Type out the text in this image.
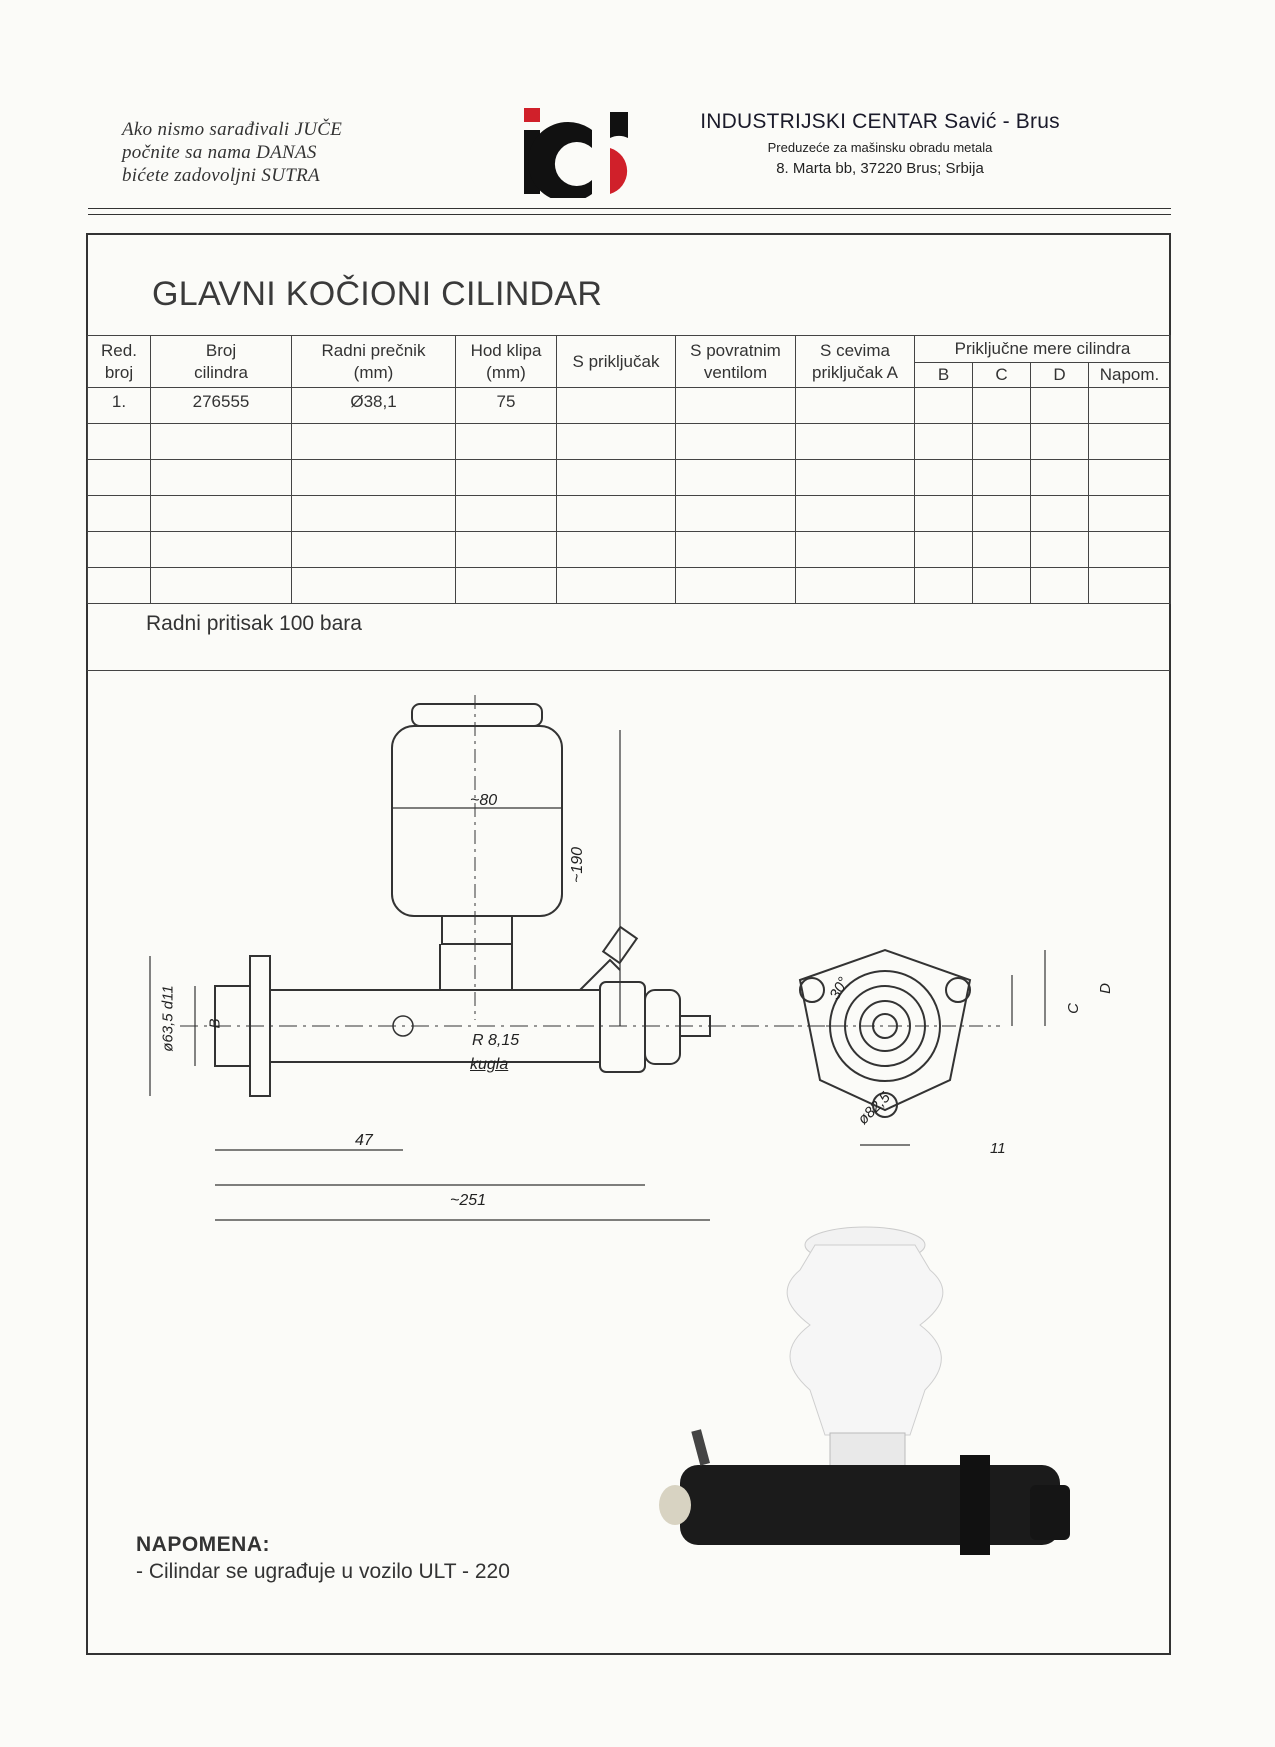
Ako nismo sarađivali JUČE
počnite sa nama DANAS
bićete zadovoljni SUTRA
INDUSTRIJSKI CENTAR Savić - Brus
Preduzeće za mašinsku obradu metala
8. Marta bb, 37220 Brus; Srbija
GLAVNI KOČIONI CILINDAR
Red. broj	Broj cilindra	Radni prečnik (mm)	Hod klipa (mm)	S priključak	S povratnim ventilom	S cevima priključak A	Priključne mere cilindra			
							B	C	D	Napom.
1.	276555	Ø38,1	75							

Radni pritisak 100 bara
~80
~190
ø63,5 d11 B
R 8,15
kugla
47
~251
30°
ø82,5
C
D
11
NAPOMENA:
- Cilindar se ugrađuje u vozilo ULT - 220
